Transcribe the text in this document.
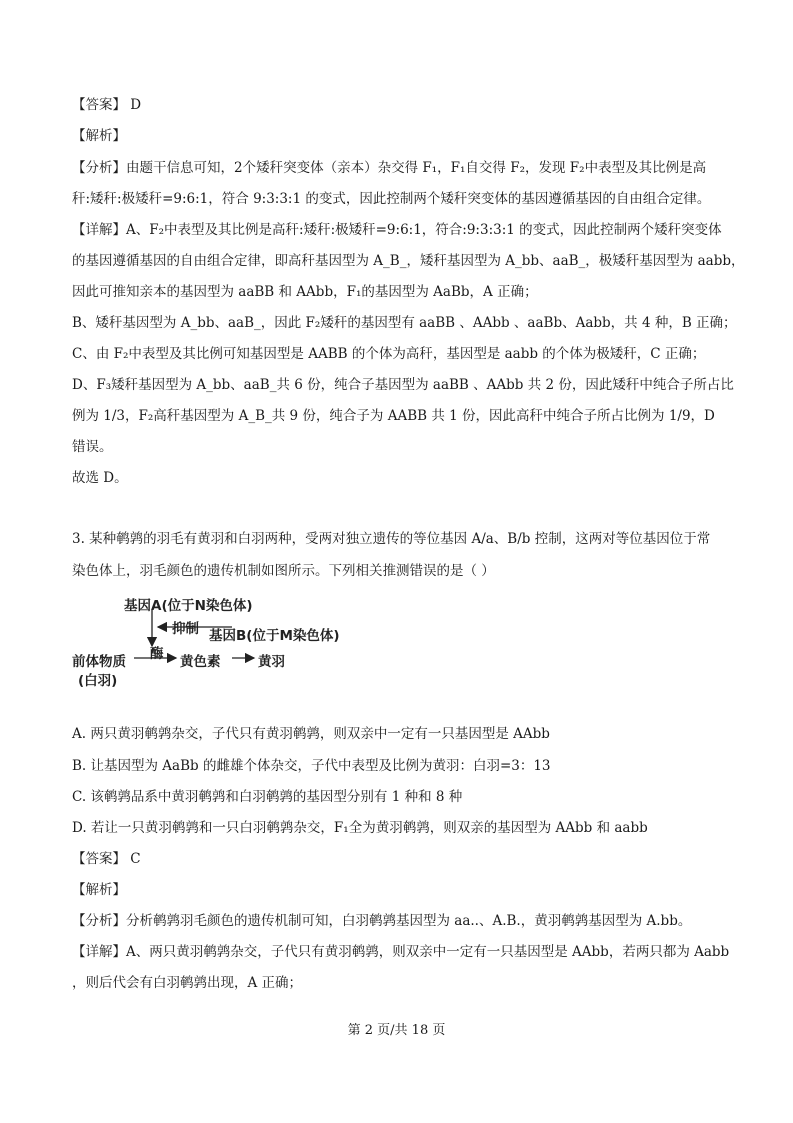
【答案】 D
【解析】
【分析】由题干信息可知，2个矮秆突变体（亲本）杂交得 F₁，F₁自交得 F₂，发现 F₂中表型及其比例是高
秆:矮秆:极矮秆=9:6:1，符合 9:3:3:1 的变式，因此控制两个矮秆突变体的基因遵循基因的自由组合定律。
【详解】A、F₂中表型及其比例是高秆:矮秆:极矮秆=9:6:1，符合:9:3:3:1 的变式，因此控制两个矮秆突变体
的基因遵循基因的自由组合定律，即高秆基因型为 A_B_，矮秆基因型为 A_bb、aaB_，极矮秆基因型为 aabb，
因此可推知亲本的基因型为 aaBB 和 AAbb，F₁的基因型为 AaBb，A 正确；
B、矮秆基因型为 A_bb、aaB_，因此 F₂矮秆的基因型有 aaBB 、AAbb 、aaBb、Aabb，共 4 种，B 正确；
C、由 F₂中表型及其比例可知基因型是 AABB 的个体为高秆，基因型是 aabb 的个体为极矮秆，C 正确；
D、F₃矮秆基因型为 A_bb、aaB_共 6 份，纯合子基因型为 aaBB 、AAbb 共 2 份，因此矮秆中纯合子所占比
例为 1/3，F₂高秆基因型为 A_B_共 9 份，纯合子为 AABB 共 1 份，因此高秆中纯合子所占比例为 1/9，D
错误。
故选 D。
3. 某种鹌鹑的羽毛有黄羽和白羽两种，受两对独立遗传的等位基因 A/a、B/b 控制，这两对等位基因位于常
染色体上，羽毛颜色的遗传机制如图所示。下列相关推测错误的是（ ）
基因A(位于N染色体)
抑制 基因B(位于M染色体)
酶
前体物质	黄色素	黄羽
(白羽)
A. 两只黄羽鹌鹑杂交，子代只有黄羽鹌鹑，则双亲中一定有一只基因型是 AAbb
B. 让基因型为 AaBb 的雌雄个体杂交，子代中表型及比例为黄羽：白羽=3：13
C. 该鹌鹑品系中黄羽鹌鹑和白羽鹌鹑的基因型分别有 1 种和 8 种
D. 若让一只黄羽鹌鹑和一只白羽鹌鹑杂交，F₁全为黄羽鹌鹑，则双亲的基因型为 AAbb 和 aabb
【答案】 C
【解析】
【分析】分析鹌鹑羽毛颜色的遗传机制可知，白羽鹌鹑基因型为 aa..、A.B.，黄羽鹌鹑基因型为 A.bb。
【详解】A、两只黄羽鹌鹑杂交，子代只有黄羽鹌鹑，则双亲中一定有一只基因型是 AAbb，若两只都为 Aabb
，则后代会有白羽鹌鹑出现，A 正确；
第 2 页/共 18 页
